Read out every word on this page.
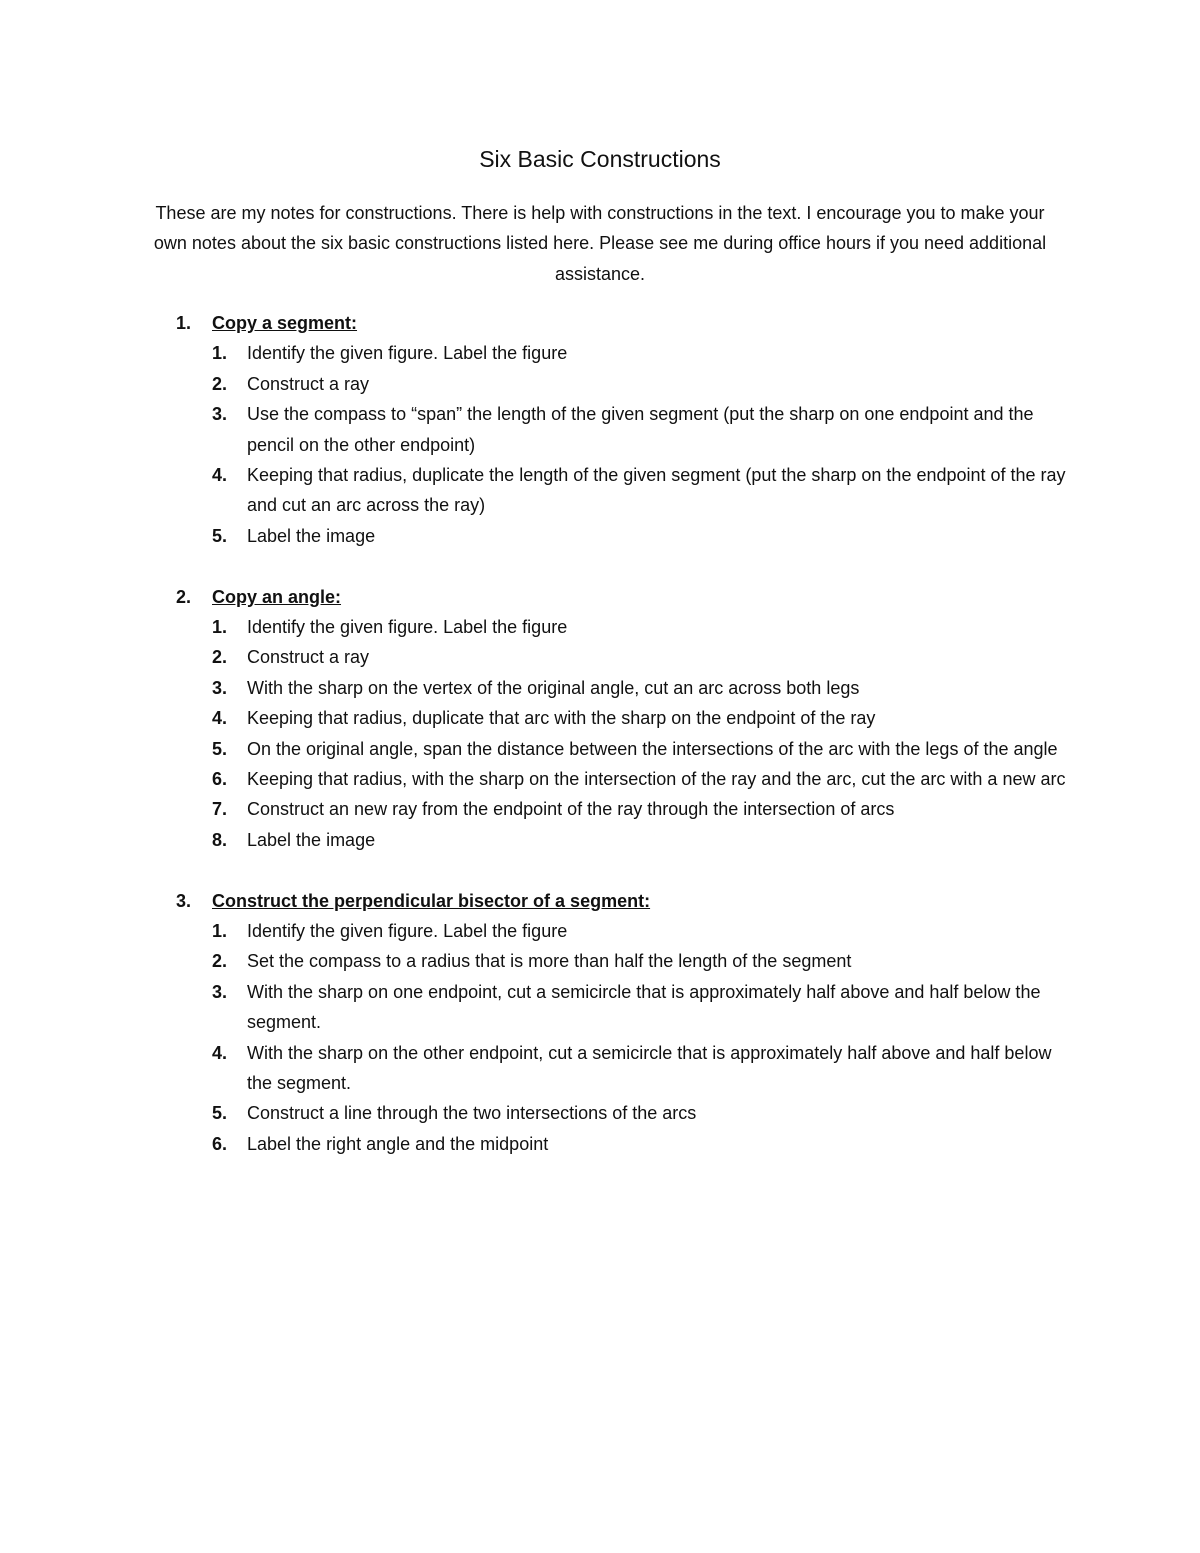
Six Basic Constructions
These are my notes for constructions. There is help with constructions in the text. I encourage you to make your own notes about the six basic constructions listed here. Please see me during office hours if you need additional assistance.
1. Copy a segment:
1. Identify the given figure. Label the figure
2. Construct a ray
3. Use the compass to “span” the length of the given segment (put the sharp on one endpoint and the pencil on the other endpoint)
4. Keeping that radius, duplicate the length of the given segment (put the sharp on the endpoint of the ray and cut an arc across the ray)
5. Label the image
2. Copy an angle:
1. Identify the given figure. Label the figure
2. Construct a ray
3. With the sharp on the vertex of the original angle, cut an arc across both legs
4. Keeping that radius, duplicate that arc with the sharp on the endpoint of the ray
5. On the original angle, span the distance between the intersections of the arc with the legs of the angle
6. Keeping that radius, with the sharp on the intersection of the ray and the arc, cut the arc with a new arc
7. Construct an new ray from the endpoint of the ray through the intersection of arcs
8. Label the image
3. Construct the perpendicular bisector of a segment:
1. Identify the given figure. Label the figure
2. Set the compass to a radius that is more than half the length of the segment
3. With the sharp on one endpoint, cut a semicircle that is approximately half above and half below the segment.
4. With the sharp on the other endpoint, cut a semicircle that is approximately half above and half below the segment.
5. Construct a line through the two intersections of the arcs
6. Label the right angle and the midpoint
